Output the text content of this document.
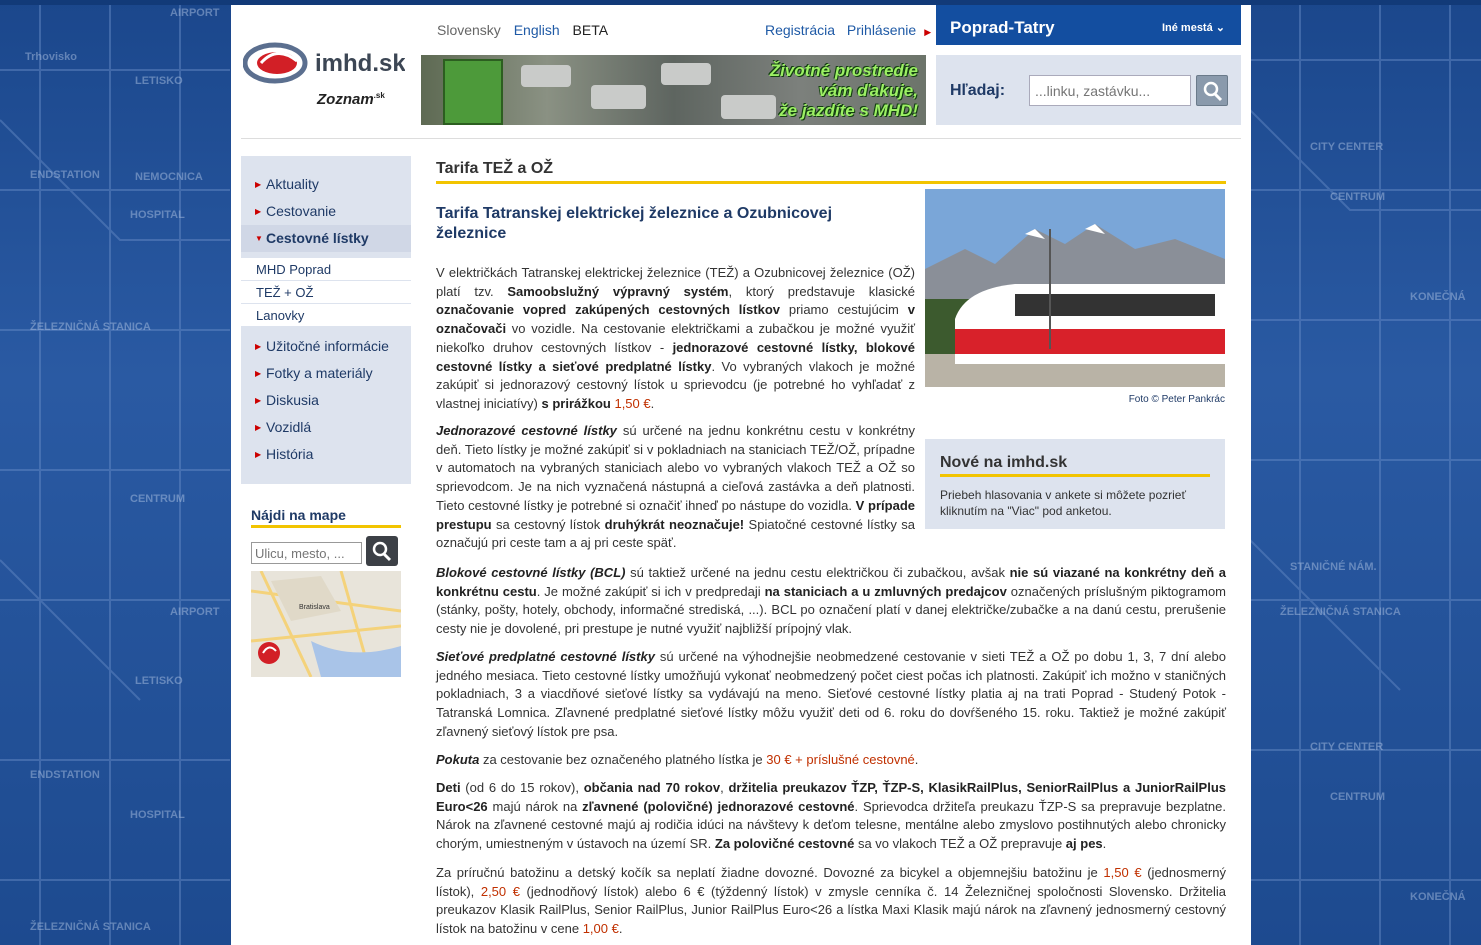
AIRPORT
LETISKO
Trhovisko
NEMOCNICA
HOSPITAL
ENDSTATION
ŽELEZNIČNÁ STANICA
CENTRUM
CITY CENTER
CENTRUM
KONEČNÁ
STANIČNÉ NÁM.
ŽELEZNIČNÁ STANICA
CITY CENTER
CENTRUM
KONEČNÁ
AIRPORT
LETISKO
ENDSTATION
HOSPITAL
ŽELEZNIČNÁ STANICA
imhd.sk
Zoznam$^{.sk}$
Slovensky English BETA	Registrácia Prihlásenie ▶
Životné prostredie
vám ďakuje,
že jazdíte s MHD!
Poprad-Tatry	Iné mestá ⌄
Hľadaj:
...linku, zastávku...
▶ Aktuality
▶ Cestovanie
▼ Cestovné lístky
MHD Poprad
TEŽ + OŽ
Lanovky
▶ Užitočné informácie
▶ Fotky a materiály
▶ Diskusia
▶ Vozidlá
▶ História
Nájdi na mape
Ulicu, mesto, ...
Bratislava
Tarifa TEŽ a OŽ
Tarifa Tatranskej elektrickej železnice a Ozubnicovej železnice
Foto © Peter Pankrác
Nové na imhd.sk
Priebeh hlasovania v ankete si môžete pozrieť kliknutím na "Viac" pod anketou.
V električkách Tatranskej elektrickej železnice (TEŽ) a Ozubnicovej železnice (OŽ) platí tzv. Samoobslužný výpravný systém, ktorý predstavuje klasické označovanie vopred zakúpených cestovných lístkov priamo cestujúcim v označovači vo vozidle. Na cestovanie električkami a zubačkou je možné využiť niekoľko druhov cestovných lístkov - jednorazové cestovné lístky, blokové cestovné lístky a sieťové predplatné lístky. Vo vybraných vlakoch je možné zakúpiť si jednorazový cestovný lístok u sprievodcu (je potrebné ho vyhľadať z vlastnej iniciatívy) s prirážkou 1,50 €.
Jednorazové cestovné lístky sú určené na jednu konkrétnu cestu v konkrétny deň. Tieto lístky je možné zakúpiť si v pokladniach na staniciach TEŽ/OŽ, prípadne v automatoch na vybraných staniciach alebo vo vybraných vlakoch TEŽ a OŽ so sprievodcom. Je na nich vyznačená nástupná a cieľová zastávka a deň platnosti. Tieto cestovné lístky je potrebné si označiť ihneď po nástupe do vozidla. V prípade prestupu sa cestovný lístok druhýkrát neoznačuje! Spiatočné cestovné lístky sa označujú pri ceste tam a aj pri ceste späť.
Blokové cestovné lístky (BCL) sú taktiež určené na jednu cestu električkou či zubačkou, avšak nie sú viazané na konkrétny deň a konkrétnu cestu. Je možné zakúpiť si ich v predpredaji na staniciach a u zmluvných predajcov označených príslušným piktogramom (stánky, pošty, hotely, obchody, informačné strediská, ...). BCL po označení platí v danej električke/zubačke a na danú cestu, prerušenie cesty nie je dovolené, pri prestupe je nutné využiť najbližší prípojný vlak.
Sieťové predplatné cestovné lístky sú určené na výhodnejšie neobmedzené cestovanie v sieti TEŽ a OŽ po dobu 1, 3, 7 dní alebo jedného mesiaca. Tieto cestovné lístky umožňujú vykonať neobmedzený počet ciest počas ich platnosti. Zakúpiť ich možno v staničných pokladniach, 3 a viacdňové sieťové lístky sa vydávajú na meno. Sieťové cestovné lístky platia aj na trati Poprad - Studený Potok - Tatranská Lomnica. Zľavnené predplatné sieťové lístky môžu využiť deti od 6. roku do dovŕšeného 15. roku. Taktiež je možné zakúpiť zľavnený sieťový lístok pre psa.
Pokuta za cestovanie bez označeného platného lístka je 30 € + príslušné cestovné.
Deti (od 6 do 15 rokov), občania nad 70 rokov, držitelia preukazov ŤZP, ŤZP-S, KlasikRailPlus, SeniorRailPlus a JuniorRailPlus Euro<26 majú nárok na zľavnené (polovičné) jednorazové cestovné. Sprievodca držiteľa preukazu ŤZP-S sa prepravuje bezplatne. Nárok na zľavnené cestovné majú aj rodičia idúci na návštevy k deťom telesne, mentálne alebo zmyslovo postihnutých alebo chronicky chorým, umiestneným v ústavoch na území SR. Za polovičné cestovné sa vo vlakoch TEŽ a OŽ prepravuje aj pes.
Za príručnú batožinu a detský kočík sa neplatí žiadne dovozné. Dovozné za bicykel a objemnejšiu batožinu je 1,50 € (jednosmerný lístok), 2,50 € (jednodňový lístok) alebo 6 € (týždenný lístok) v zmysle cenníka č. 14 Železničnej spoločnosti Slovensko. Držitelia preukazov Klasik RailPlus, Senior RailPlus, Junior RailPlus Euro<26 a lístka Maxi Klasik majú nárok na zľavnený jednosmerný cestovný lístok na batožinu v cene 1,00 €.
